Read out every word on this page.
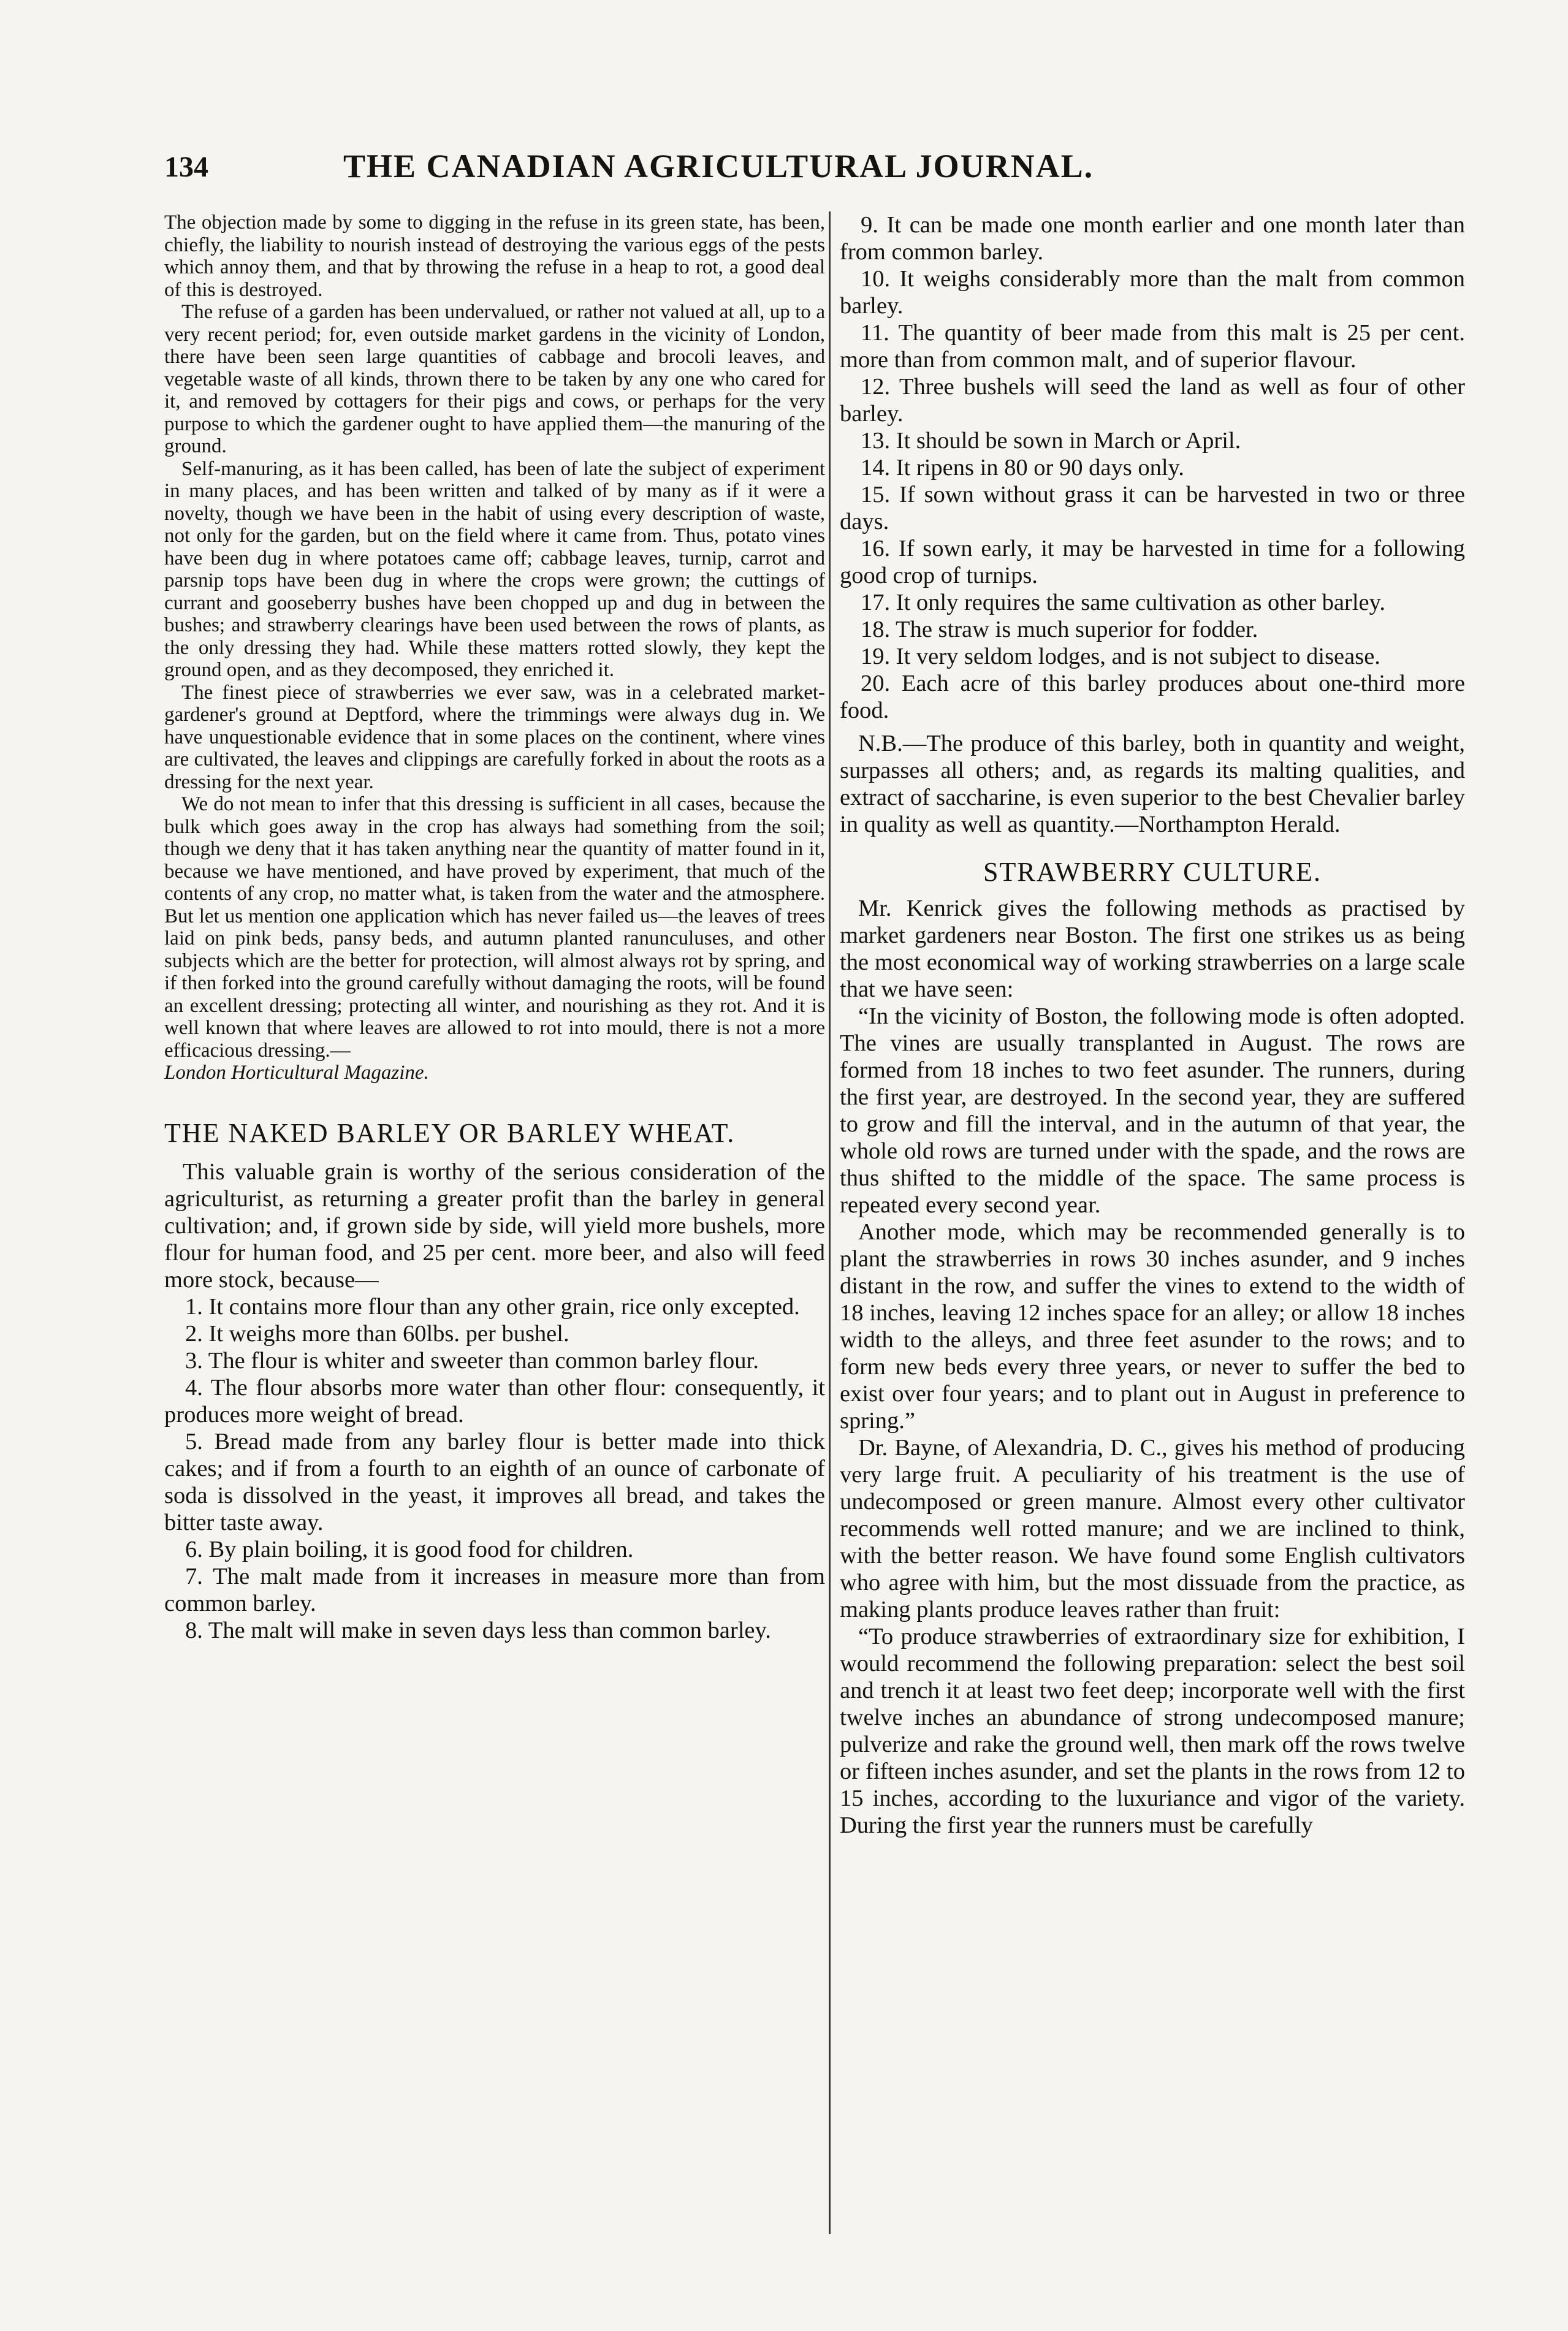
134	THE CANADIAN AGRICULTURAL JOURNAL.

The objection made by some to digging in the refuse in its green state, has been, chiefly, the liability to nourish instead of destroying the various eggs of the pests which annoy them, and that by throwing the refuse in a heap to rot, a good deal of this is destroyed.

The refuse of a garden has been undervalued, or rather not valued at all, up to a very recent period; for, even outside market gardens in the vicinity of London, there have been seen large quantities of cabbage and brocoli leaves, and vegetable waste of all kinds, thrown there to be taken by any one who cared for it, and removed by cottagers for their pigs and cows, or perhaps for the very purpose to which the gardener ought to have applied them—the manuring of the ground.

Self-manuring, as it has been called, has been of late the subject of experiment in many places, and has been written and talked of by many as if it were a novelty, though we have been in the habit of using every description of waste, not only for the garden, but on the field where it came from. Thus, potato vines have been dug in where potatoes came off; cabbage leaves, turnip, carrot and parsnip tops have been dug in where the crops were grown; the cuttings of currant and gooseberry bushes have been chopped up and dug in between the bushes; and strawberry clearings have been used between the rows of plants, as the only dressing they had. While these matters rotted slowly, they kept the ground open, and as they decomposed, they enriched it.

The finest piece of strawberries we ever saw, was in a celebrated market-gardener's ground at Deptford, where the trimmings were always dug in. We have unquestionable evidence that in some places on the continent, where vines are cultivated, the leaves and clippings are carefully forked in about the roots as a dressing for the next year.

We do not mean to infer that this dressing is sufficient in all cases, because the bulk which goes away in the crop has always had something from the soil; though we deny that it has taken anything near the quantity of matter found in it, because we have mentioned, and have proved by experiment, that much of the contents of any crop, no matter what, is taken from the water and the atmosphere. But let us mention one application which has never failed us—the leaves of trees laid on pink beds, pansy beds, and autumn planted ranunculuses, and other subjects which are the better for protection, will almost always rot by spring, and if then forked into the ground carefully without damaging the roots, will be found an excellent dressing; protecting all winter, and nourishing as they rot. And it is well known that where leaves are allowed to rot into mould, there is not a more efficacious dressing.—

London Horticultural Magazine.

THE NAKED BARLEY OR BARLEY WHEAT.

This valuable grain is worthy of the serious consideration of the agriculturist, as returning a greater profit than the barley in general cultivation; and, if grown side by side, will yield more bushels, more flour for human food, and 25 per cent. more beer, and also will feed more stock, because—

1. It contains more flour than any other grain, rice only excepted.

2. It weighs more than 60lbs. per bushel.

3. The flour is whiter and sweeter than common barley flour.

4. The flour absorbs more water than other flour: consequently, it produces more weight of bread.

5. Bread made from any barley flour is better made into thick cakes; and if from a fourth to an eighth of an ounce of carbonate of soda is dissolved in the yeast, it improves all bread, and takes the bitter taste away.

6. By plain boiling, it is good food for children.

7. The malt made from it increases in measure more than from common barley.

8. The malt will make in seven days less than common barley.

9. It can be made one month earlier and one month later than from common barley.

10. It weighs considerably more than the malt from common barley.

11. The quantity of beer made from this malt is 25 per cent. more than from common malt, and of superior flavour.

12. Three bushels will seed the land as well as four of other barley.

13. It should be sown in March or April.

14. It ripens in 80 or 90 days only.

15. If sown without grass it can be harvested in two or three days.

16. If sown early, it may be harvested in time for a following good crop of turnips.

17. It only requires the same cultivation as other barley.

18. The straw is much superior for fodder.

19. It very seldom lodges, and is not subject to disease.

20. Each acre of this barley produces about one-third more food.

N.B.—The produce of this barley, both in quantity and weight, surpasses all others; and, as regards its malting qualities, and extract of saccharine, is even superior to the best Chevalier barley in quality as well as quantity.—Northampton Herald.

STRAWBERRY CULTURE.

Mr. Kenrick gives the following methods as practised by market gardeners near Boston. The first one strikes us as being the most economical way of working strawberries on a large scale that we have seen:

“In the vicinity of Boston, the following mode is often adopted. The vines are usually transplanted in August. The rows are formed from 18 inches to two feet asunder. The runners, during the first year, are destroyed. In the second year, they are suffered to grow and fill the interval, and in the autumn of that year, the whole old rows are turned under with the spade, and the rows are thus shifted to the middle of the space. The same process is repeated every second year.

Another mode, which may be recommended generally is to plant the strawberries in rows 30 inches asunder, and 9 inches distant in the row, and suffer the vines to extend to the width of 18 inches, leaving 12 inches space for an alley; or allow 18 inches width to the alleys, and three feet asunder to the rows; and to form new beds every three years, or never to suffer the bed to exist over four years; and to plant out in August in preference to spring.”

Dr. Bayne, of Alexandria, D. C., gives his method of producing very large fruit. A peculiarity of his treatment is the use of undecomposed or green manure. Almost every other cultivator recommends well rotted manure; and we are inclined to think, with the better reason. We have found some English cultivators who agree with him, but the most dissuade from the practice, as making plants produce leaves rather than fruit:

“To produce strawberries of extraordinary size for exhibition, I would recommend the following preparation: select the best soil and trench it at least two feet deep; incorporate well with the first twelve inches an abundance of strong undecomposed manure; pulverize and rake the ground well, then mark off the rows twelve or fifteen inches asunder, and set the plants in the rows from 12 to 15 inches, according to the luxuriance and vigor of the variety. During the first year the runners must be carefully
